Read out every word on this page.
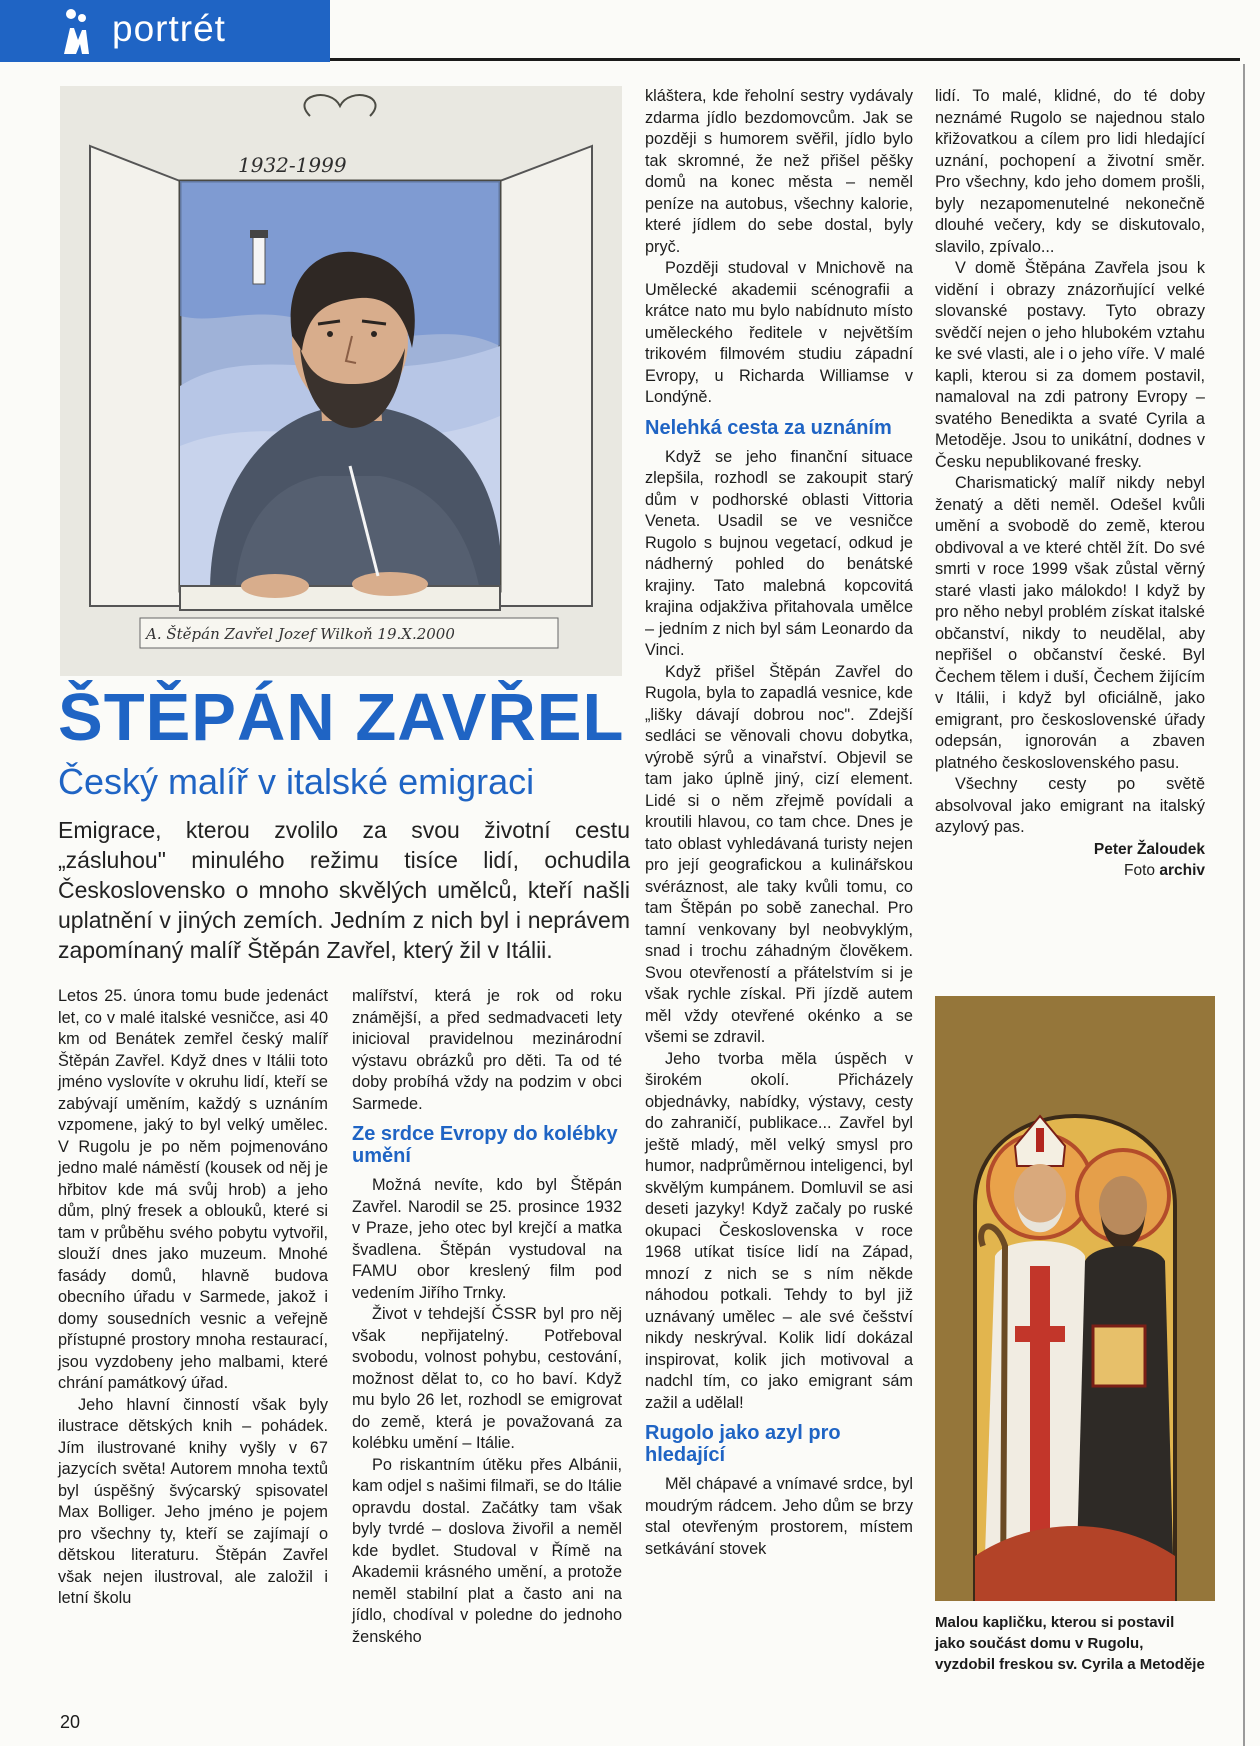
portrét
1932-1999
A. Štěpán Zavřel Jozef Wilkoň 19.X.2000
ŠTĚPÁN ZAVŘEL
Český malíř v italské emigraci

Emigrace, kterou zvolilo za svou životní cestu „zásluhou" minulého režimu tisíce lidí, ochudila Československo o mnoho skvělých umělců, kteří našli uplatnění v jiných zemích. Jedním z nich byl i neprávem zapomínaný malíř Štěpán Zavřel, který žil v Itálii.

Letos 25. února tomu bude jedenáct let, co v malé italské vesničce, asi 40 km od Benátek zemřel český malíř Štěpán Zavřel. Když dnes v Itálii toto jméno vyslovíte v okruhu lidí, kteří se zabývají uměním, každý s uznáním vzpomene, jaký to byl velký umělec. V Rugolu je po něm pojmenováno jedno malé náměstí (kousek od něj je hřbitov kde má svůj hrob) a jeho dům, plný fresek a oblouků, které si tam v průběhu svého pobytu vytvořil, slouží dnes jako muzeum. Mnohé fasády domů, hlavně budova obecního úřadu v Sarmede, jakož i domy sousedních vesnic a veřejně přístupné prostory mnoha restaurací, jsou vyzdobeny jeho malbami, které chrání památkový úřad.

Jeho hlavní činností však byly ilustrace dětských knih – pohádek. Jím ilustrované knihy vyšly v 67 jazycích světa! Autorem mnoha textů byl úspěšný švýcarský spisovatel Max Bolliger. Jeho jméno je pojem pro všechny ty, kteří se zajímají o dětskou literaturu. Štěpán Zavřel však nejen ilustroval, ale založil i letní školu

malířství, která je rok od roku známější, a před sedmadvaceti lety inicioval pravidelnou mezinárodní výstavu obrázků pro děti. Ta od té doby probíhá vždy na podzim v obci Sarmede.

Ze srdce Evropy do kolébky umění

Možná nevíte, kdo byl Štěpán Zavřel. Narodil se 25. prosince 1932 v Praze, jeho otec byl krejčí a matka švadlena. Štěpán vystudoval na FAMU obor kreslený film pod vedením Jiřího Trnky.

Život v tehdejší ČSSR byl pro něj však nepřijatelný. Potřeboval svobodu, volnost pohybu, cestování, možnost dělat to, co ho baví. Když mu bylo 26 let, rozhodl se emigrovat do země, která je považovaná za kolébku umění – Itálie.

Po riskantním útěku přes Albánii, kam odjel s našimi filmaři, se do Itálie opravdu dostal. Začátky tam však byly tvrdé – doslova živořil a neměl kde bydlet. Studoval v Římě na Akademii krásného umění, a protože neměl stabilní plat a často ani na jídlo, chodíval v poledne do jednoho ženského

kláštera, kde řeholní sestry vydávaly zdarma jídlo bezdomovcům. Jak se později s humorem svěřil, jídlo bylo tak skromné, že než přišel pěšky domů na konec města – neměl peníze na autobus, všechny kalorie, které jídlem do sebe dostal, byly pryč.

Později studoval v Mnichově na Umělecké akademii scénografii a krátce nato mu bylo nabídnuto místo uměleckého ředitele v největším trikovém filmovém studiu západní Evropy, u Richarda Williamse v Londýně.

Nelehká cesta za uznáním

Když se jeho finanční situace zlepšila, rozhodl se zakoupit starý dům v podhorské oblasti Vittoria Veneta. Usadil se ve vesničce Rugolo s bujnou vegetací, odkud je nádherný pohled do benátské krajiny. Tato malebná kopcovitá krajina odjakživa přitahovala umělce – jedním z nich byl sám Leonardo da Vinci.

Když přišel Štěpán Zavřel do Rugola, byla to zapadlá vesnice, kde „lišky dávají dobrou noc". Zdejší sedláci se věnovali chovu dobytka, výrobě sýrů a vinařství. Objevil se tam jako úplně jiný, cizí element. Lidé si o něm zřejmě povídali a kroutili hlavou, co tam chce. Dnes je tato oblast vyhledávaná turisty nejen pro její geografickou a kulinářskou svéráznost, ale taky kvůli tomu, co tam Štěpán po sobě zanechal. Pro tamní venkovany byl neobvyklým, snad i trochu záhadným člověkem. Svou otevřeností a přátelstvím si je však rychle získal. Při jízdě autem měl vždy otevřené okénko a se všemi se zdravil.

Jeho tvorba měla úspěch v širokém okolí. Přicházely objednávky, nabídky, výstavy, cesty do zahraničí, publikace... Zavřel byl ještě mladý, měl velký smysl pro humor, nadprůměrnou inteligenci, byl skvělým kumpánem. Domluvil se asi deseti jazyky! Když začaly po ruské okupaci Československa v roce 1968 utíkat tisíce lidí na Západ, mnozí z nich se s ním někde náhodou potkali. Tehdy to byl již uznávaný umělec – ale své češství nikdy neskrýval. Kolik lidí dokázal inspirovat, kolik jich motivoval a nadchl tím, co jako emigrant sám zažil a udělal!

Rugolo jako azyl pro hledající

Měl chápavé a vnímavé srdce, byl moudrým rádcem. Jeho dům se brzy stal otevřeným prostorem, místem setkávání stovek

lidí. To malé, klidné, do té doby neznámé Rugolo se najednou stalo křižovatkou a cílem pro lidi hledající uznání, pochopení a životní směr. Pro všechny, kdo jeho domem prošli, byly nezapomenutelné nekonečně dlouhé večery, kdy se diskutovalo, slavilo, zpívalo...

V domě Štěpána Zavřela jsou k vidění i obrazy znázorňující velké slovanské postavy. Tyto obrazy svědčí nejen o jeho hlubokém vztahu ke své vlasti, ale i o jeho víře. V malé kapli, kterou si za domem postavil, namaloval na zdi patrony Evropy – svatého Benedikta a svaté Cyrila a Metoděje. Jsou to unikátní, dodnes v Česku nepublikované fresky.

Charismatický malíř nikdy nebyl ženatý a děti neměl. Odešel kvůli umění a svobodě do země, kterou obdivoval a ve které chtěl žít. Do své smrti v roce 1999 však zůstal věrný staré vlasti jako málokdo! I když by pro něho nebyl problém získat italské občanství, nikdy to neudělal, aby nepřišel o občanství české. Byl Čechem tělem i duší, Čechem žijícím v Itálii, i když byl oficiálně, jako emigrant, pro československé úřady odepsán, ignorován a zbaven platného československého pasu.

Všechny cesty po světě absolvoval jako emigrant na italský azylový pas.

Peter Žaloudek
Foto archiv

Malou kapličku, kterou si postavil jako součást domu v Rugolu, vyzdobil freskou sv. Cyrila a Metoděje

20
